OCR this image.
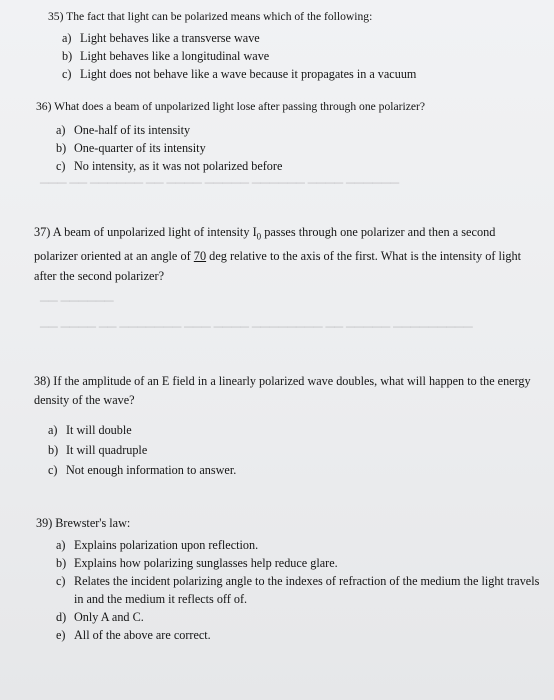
▔▔▔ ▔▔ ▔▔▔▔▔▔ ▔▔ ▔▔▔▔ ▔▔▔▔▔ ▔▔▔▔▔▔ ▔▔▔▔ ▔▔▔▔▔▔
▔▔ ▔▔▔▔▔▔
▔▔ ▔▔▔▔ ▔▔ ▔▔▔▔▔▔▔ ▔▔▔ ▔▔▔▔ ▔▔▔▔▔▔▔▔ ▔▔ ▔▔▔▔▔ ▔▔▔▔▔▔▔▔▔
35) The fact that light can be polarized means which of the following:
a) Light behaves like a transverse wave
b) Light behaves like a longitudinal wave
c) Light does not behave like a wave because it propagates in a vacuum
36) What does a beam of unpolarized light lose after passing through one polarizer?
a) One-half of its intensity
b) One-quarter of its intensity
c) No intensity, as it was not polarized before
37) A beam of unpolarized light of intensity $I_0$ passes through one polarizer and then a second polarizer oriented at an angle of 70 deg relative to the axis of the first. What is the intensity of light after the second polarizer?
38) If the amplitude of an E field in a linearly polarized wave doubles, what will happen to the energy density of the wave?
a) It will double
b) It will quadruple
c) Not enough information to answer.
39) Brewster's law:
a) Explains polarization upon reflection.
b) Explains how polarizing sunglasses help reduce glare.
c) Relates the incident polarizing angle to the indexes of refraction of the medium the light travels in and the medium it reflects off of.
d) Only A and C.
e) All of the above are correct.
